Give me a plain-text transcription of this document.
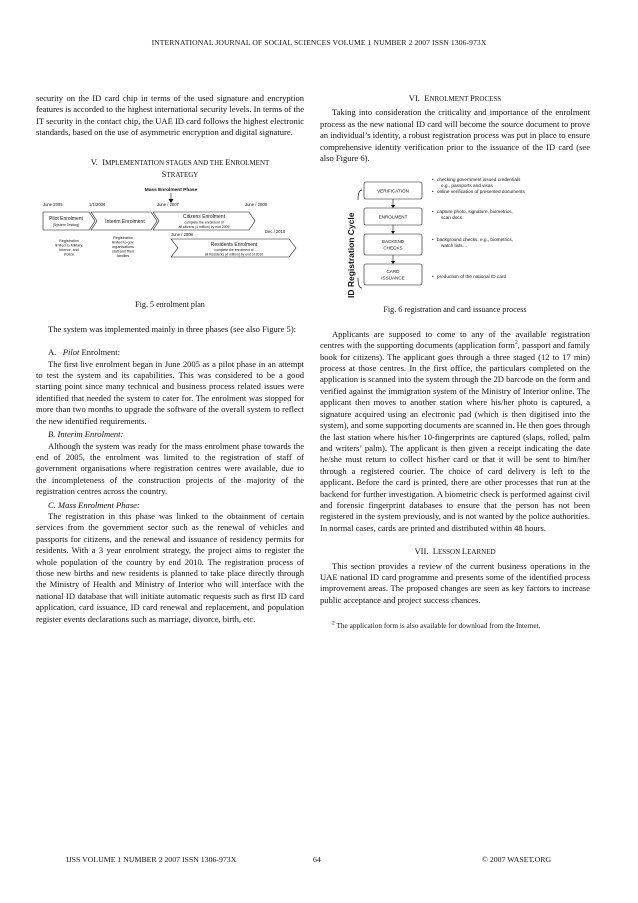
INTERNATIONAL JOURNAL OF SOCIAL SCIENCES VOLUME 1 NUMBER 2 2007 ISSN 1306-973X

security on the ID card chip in terms of the used signature and encryption features is accorded to the highest international security levels. In terms of the IT security in the contact chip, the UAE ID card follows the highest electronic standards, based on the use of asymmetric encryption and digital signature.

V. IMPLEMENTATION STAGES AND THE ENROLMENT
STRATEGY

Mass Enrolment Phase
June 2005	1/1/2006	June / 2007	June / 2009
Pilot Enrolment
(System Testing)	Interim Enrolment
Citizens Enrolment
complete the enrolment of
all citizens (1 million) by end 2009
Dec / 2010
June / 2008
Residents Enrolment
complete the enrolment of
all Residents (4 million) by end of 2010
Registration
limited to Military,
Interior, and
Police
Registration
limited to gov.
organisations
staff and their
families

Fig. 5 enrolment plan

The system was implemented mainly in three phases (see also Figure 5):

A. Pilot Enrolment:

The first live enrolment began in June 2005 as a pilot phase in an attempt to test the system and its capabilities. This was considered to be a good starting point since many technical and business process related issues were identified that needed the system to cater for. The enrolment was stopped for more than two months to upgrade the software of the overall system to reflect the new identified requirements.

B. Interim Enrolment:

Although the system was ready for the mass enrolment phase towards the end of 2005, the enrolment was limited to the registration of staff of government organisations where registration centres were available, due to the incompleteness of the construction projects of the majority of the registration centres across the country.

C. Mass Enrolment Phase:

The registration in this phase was linked to the obtainment of certain services from the government sector such as the renewal of vehicles and passports for citizens, and the renewal and issuance of residency permits for residents. With a 3 year enrolment strategy, the project aims to register the whole population of the country by end 2010. The registration process of those new births and new residents is planned to take place directly through the Ministry of Health and Ministry of Interior who will interface with the national ID database that will initiate automatic requests such as first ID card application, card issuance, ID card renewal and replacement, and population register events declarations such as marriage, divorce, birth, etc.

VI. ENROLMENT PROCESS

Taking into consideration the criticality and importance of the enrolment process as the new national ID card will become the source document to prove an individual’s identity, a robust registration process was put in place to ensure comprehensive identity verification prior to the issuance of the ID card (see also Figure 6).

ID Registration Cycle
VERIFICATION
ENROLMENT
BACKEND
CHECKS
CARD
ISSUANCE
• checking government issued credentials
e.g., passports and visas
• online verification of presented documents
• capture photo, signature, biometrics,
scan docs.
• background checks, e.g., biometrics,
watch lists…
• production of the national ID card

Fig. 6 registration and card issuance process

Applicants are supposed to come to any of the available registration centres with the supporting documents (application form$^2$, passport and family book for citizens). The applicant goes through a three staged (12 to 17 min) process at those centres. In the first office, the particulars completed on the application is scanned into the system through the 2D barcode on the form and verified against the immigration system of the Ministry of Interior online. The applicant then moves to another station where his/her photo is captured, a signature acquired using an electronic pad (which is then digitised into the system), and some supporting documents are scanned in. He then goes through the last station where his/her 10-fingerprints are captured (slaps, rolled, palm and writers’ palm). The applicant is then given a receipt indicating the date he/she must return to collect his/her card or that it will be sent to him/her through a registered courier. The choice of card delivery is left to the applicant. Before the card is printed, there are other processes that run at the backend for further investigation. A biometric check is performed against civil and forensic fingerprint databases to ensure that the person has not been registered in the system previously, and is not wanted by the police authorities. In normal cases, cards are printed and distributed within 48 hours.

VII. LESSON LEARNED

This section provides a review of the current business operations in the UAE national ID card programme and presents some of the identified process improvement areas. The proposed changes are seen as key factors to increase public acceptance and project success chances.

$^2$ The application form is also available for download from the Internet.

IJSS VOLUME 1 NUMBER 2 2007 ISSN 1306-973X	64	© 2007 WASET.ORG
